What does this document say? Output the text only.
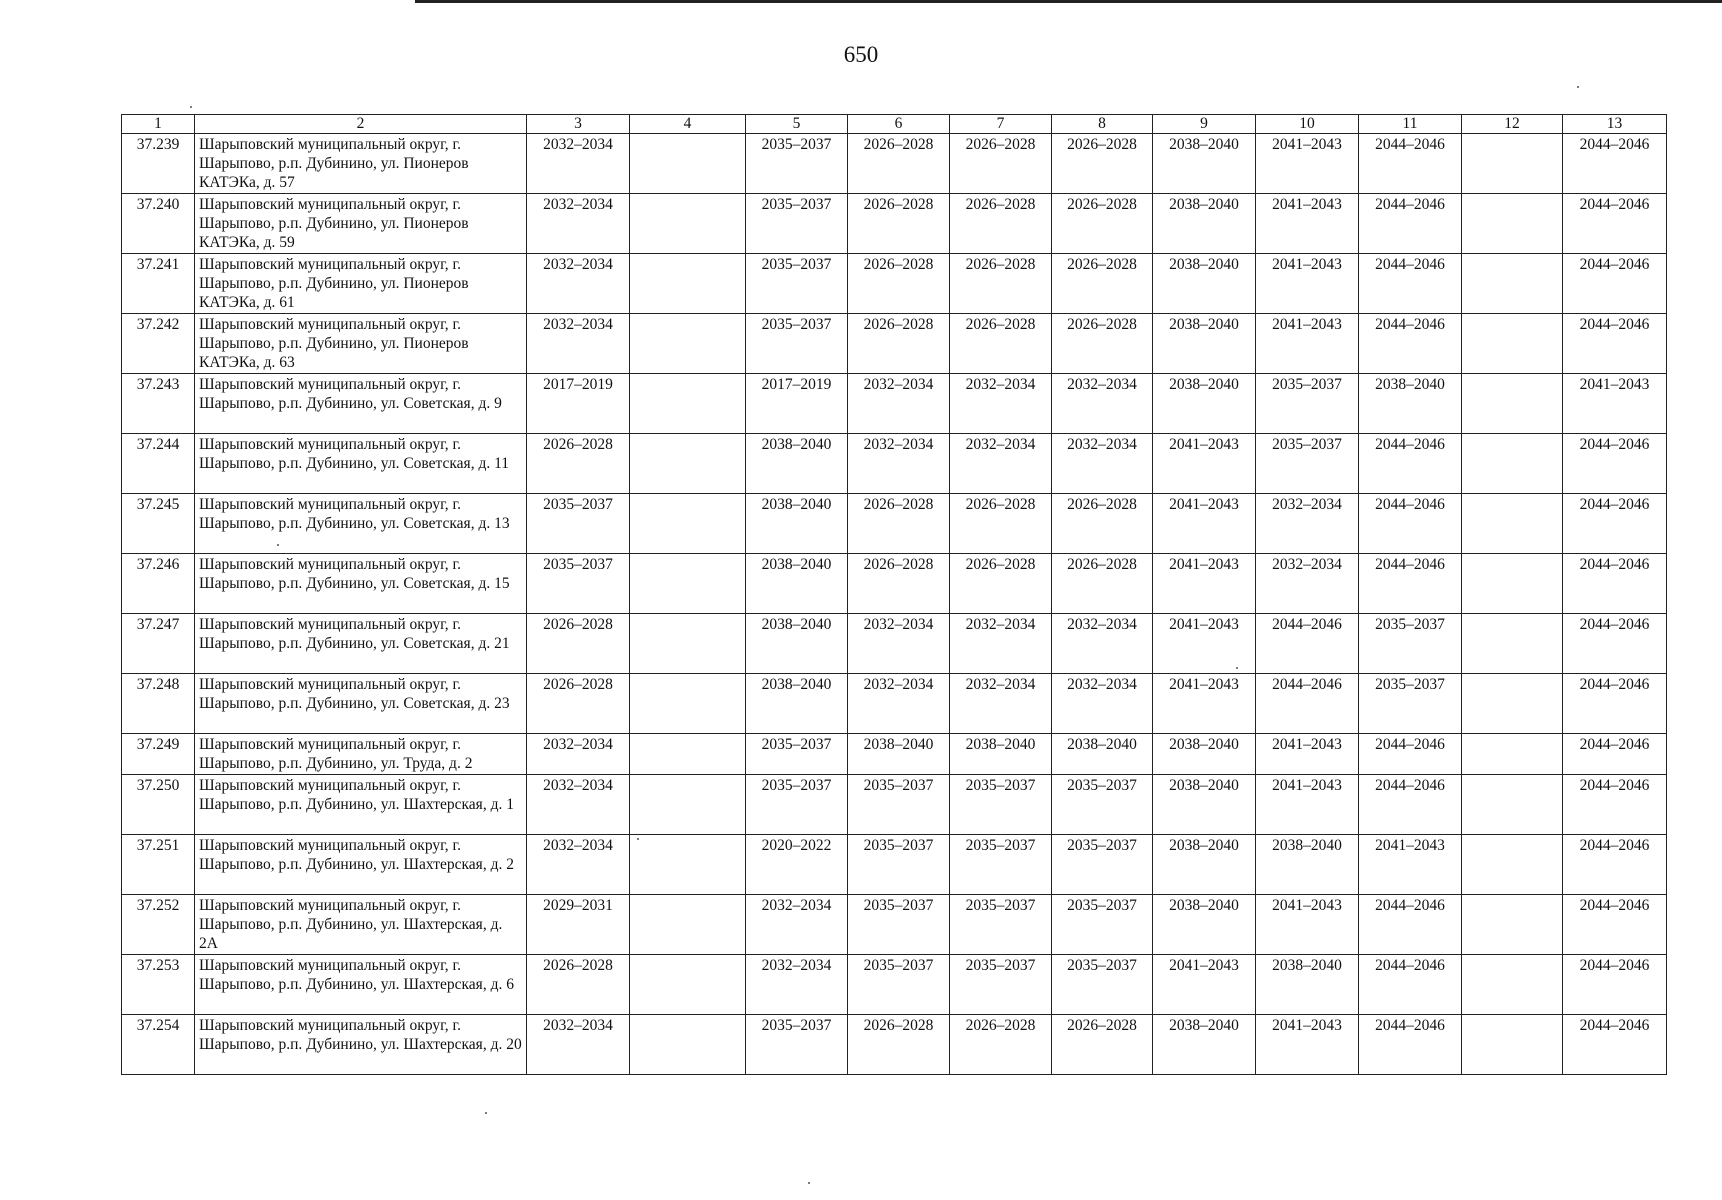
650
1	2	3	4	5	6	7	8	9	10	11	12	13
37.239	Шарыповский муниципальный округ, г. Шарыпово, р.п. Дубинино, ул. Пионеров КАТЭКа, д. 57	2032–2034		2035–2037	2026–2028	2026–2028	2026–2028	2038–2040	2041–2043	2044–2046		2044–2046
37.240	Шарыповский муниципальный округ, г. Шарыпово, р.п. Дубинино, ул. Пионеров КАТЭКа, д. 59	2032–2034		2035–2037	2026–2028	2026–2028	2026–2028	2038–2040	2041–2043	2044–2046		2044–2046
37.241	Шарыповский муниципальный округ, г. Шарыпово, р.п. Дубинино, ул. Пионеров КАТЭКа, д. 61	2032–2034		2035–2037	2026–2028	2026–2028	2026–2028	2038–2040	2041–2043	2044–2046		2044–2046
37.242	Шарыповский муниципальный округ, г. Шарыпово, р.п. Дубинино, ул. Пионеров КАТЭКа, д. 63	2032–2034		2035–2037	2026–2028	2026–2028	2026–2028	2038–2040	2041–2043	2044–2046		2044–2046
37.243	Шарыповский муниципальный округ, г. Шарыпово, р.п. Дубинино, ул. Советская, д. 9	2017–2019		2017–2019	2032–2034	2032–2034	2032–2034	2038–2040	2035–2037	2038–2040		2041–2043
37.244	Шарыповский муниципальный округ, г. Шарыпово, р.п. Дубинино, ул. Советская, д. 11	2026–2028		2038–2040	2032–2034	2032–2034	2032–2034	2041–2043	2035–2037	2044–2046		2044–2046
37.245	Шарыповский муниципальный округ, г. Шарыпово, р.п. Дубинино, ул. Советская, д. 13	2035–2037		2038–2040	2026–2028	2026–2028	2026–2028	2041–2043	2032–2034	2044–2046		2044–2046
37.246	Шарыповский муниципальный округ, г. Шарыпово, р.п. Дубинино, ул. Советская, д. 15	2035–2037		2038–2040	2026–2028	2026–2028	2026–2028	2041–2043	2032–2034	2044–2046		2044–2046
37.247	Шарыповский муниципальный округ, г. Шарыпово, р.п. Дубинино, ул. Советская, д. 21	2026–2028		2038–2040	2032–2034	2032–2034	2032–2034	2041–2043	2044–2046	2035–2037		2044–2046
37.248	Шарыповский муниципальный округ, г. Шарыпово, р.п. Дубинино, ул. Советская, д. 23	2026–2028		2038–2040	2032–2034	2032–2034	2032–2034	2041–2043	2044–2046	2035–2037		2044–2046
37.249	Шарыповский муниципальный округ, г. Шарыпово, р.п. Дубинино, ул. Труда, д. 2	2032–2034		2035–2037	2038–2040	2038–2040	2038–2040	2038–2040	2041–2043	2044–2046		2044–2046
37.250	Шарыповский муниципальный округ, г. Шарыпово, р.п. Дубинино, ул. Шахтерская, д. 1	2032–2034		2035–2037	2035–2037	2035–2037	2035–2037	2038–2040	2041–2043	2044–2046		2044–2046
37.251	Шарыповский муниципальный округ, г. Шарыпово, р.п. Дубинино, ул. Шахтерская, д. 2	2032–2034		2020–2022	2035–2037	2035–2037	2035–2037	2038–2040	2038–2040	2041–2043		2044–2046
37.252	Шарыповский муниципальный округ, г. Шарыпово, р.п. Дубинино, ул. Шахтерская, д. 2А	2029–2031		2032–2034	2035–2037	2035–2037	2035–2037	2038–2040	2041–2043	2044–2046		2044–2046
37.253	Шарыповский муниципальный округ, г. Шарыпово, р.п. Дубинино, ул. Шахтерская, д. 6	2026–2028		2032–2034	2035–2037	2035–2037	2035–2037	2041–2043	2038–2040	2044–2046		2044–2046
37.254	Шарыповский муниципальный округ, г. Шарыпово, р.п. Дубинино, ул. Шахтерская, д. 20	2032–2034		2035–2037	2026–2028	2026–2028	2026–2028	2038–2040	2041–2043	2044–2046		2044–2046
